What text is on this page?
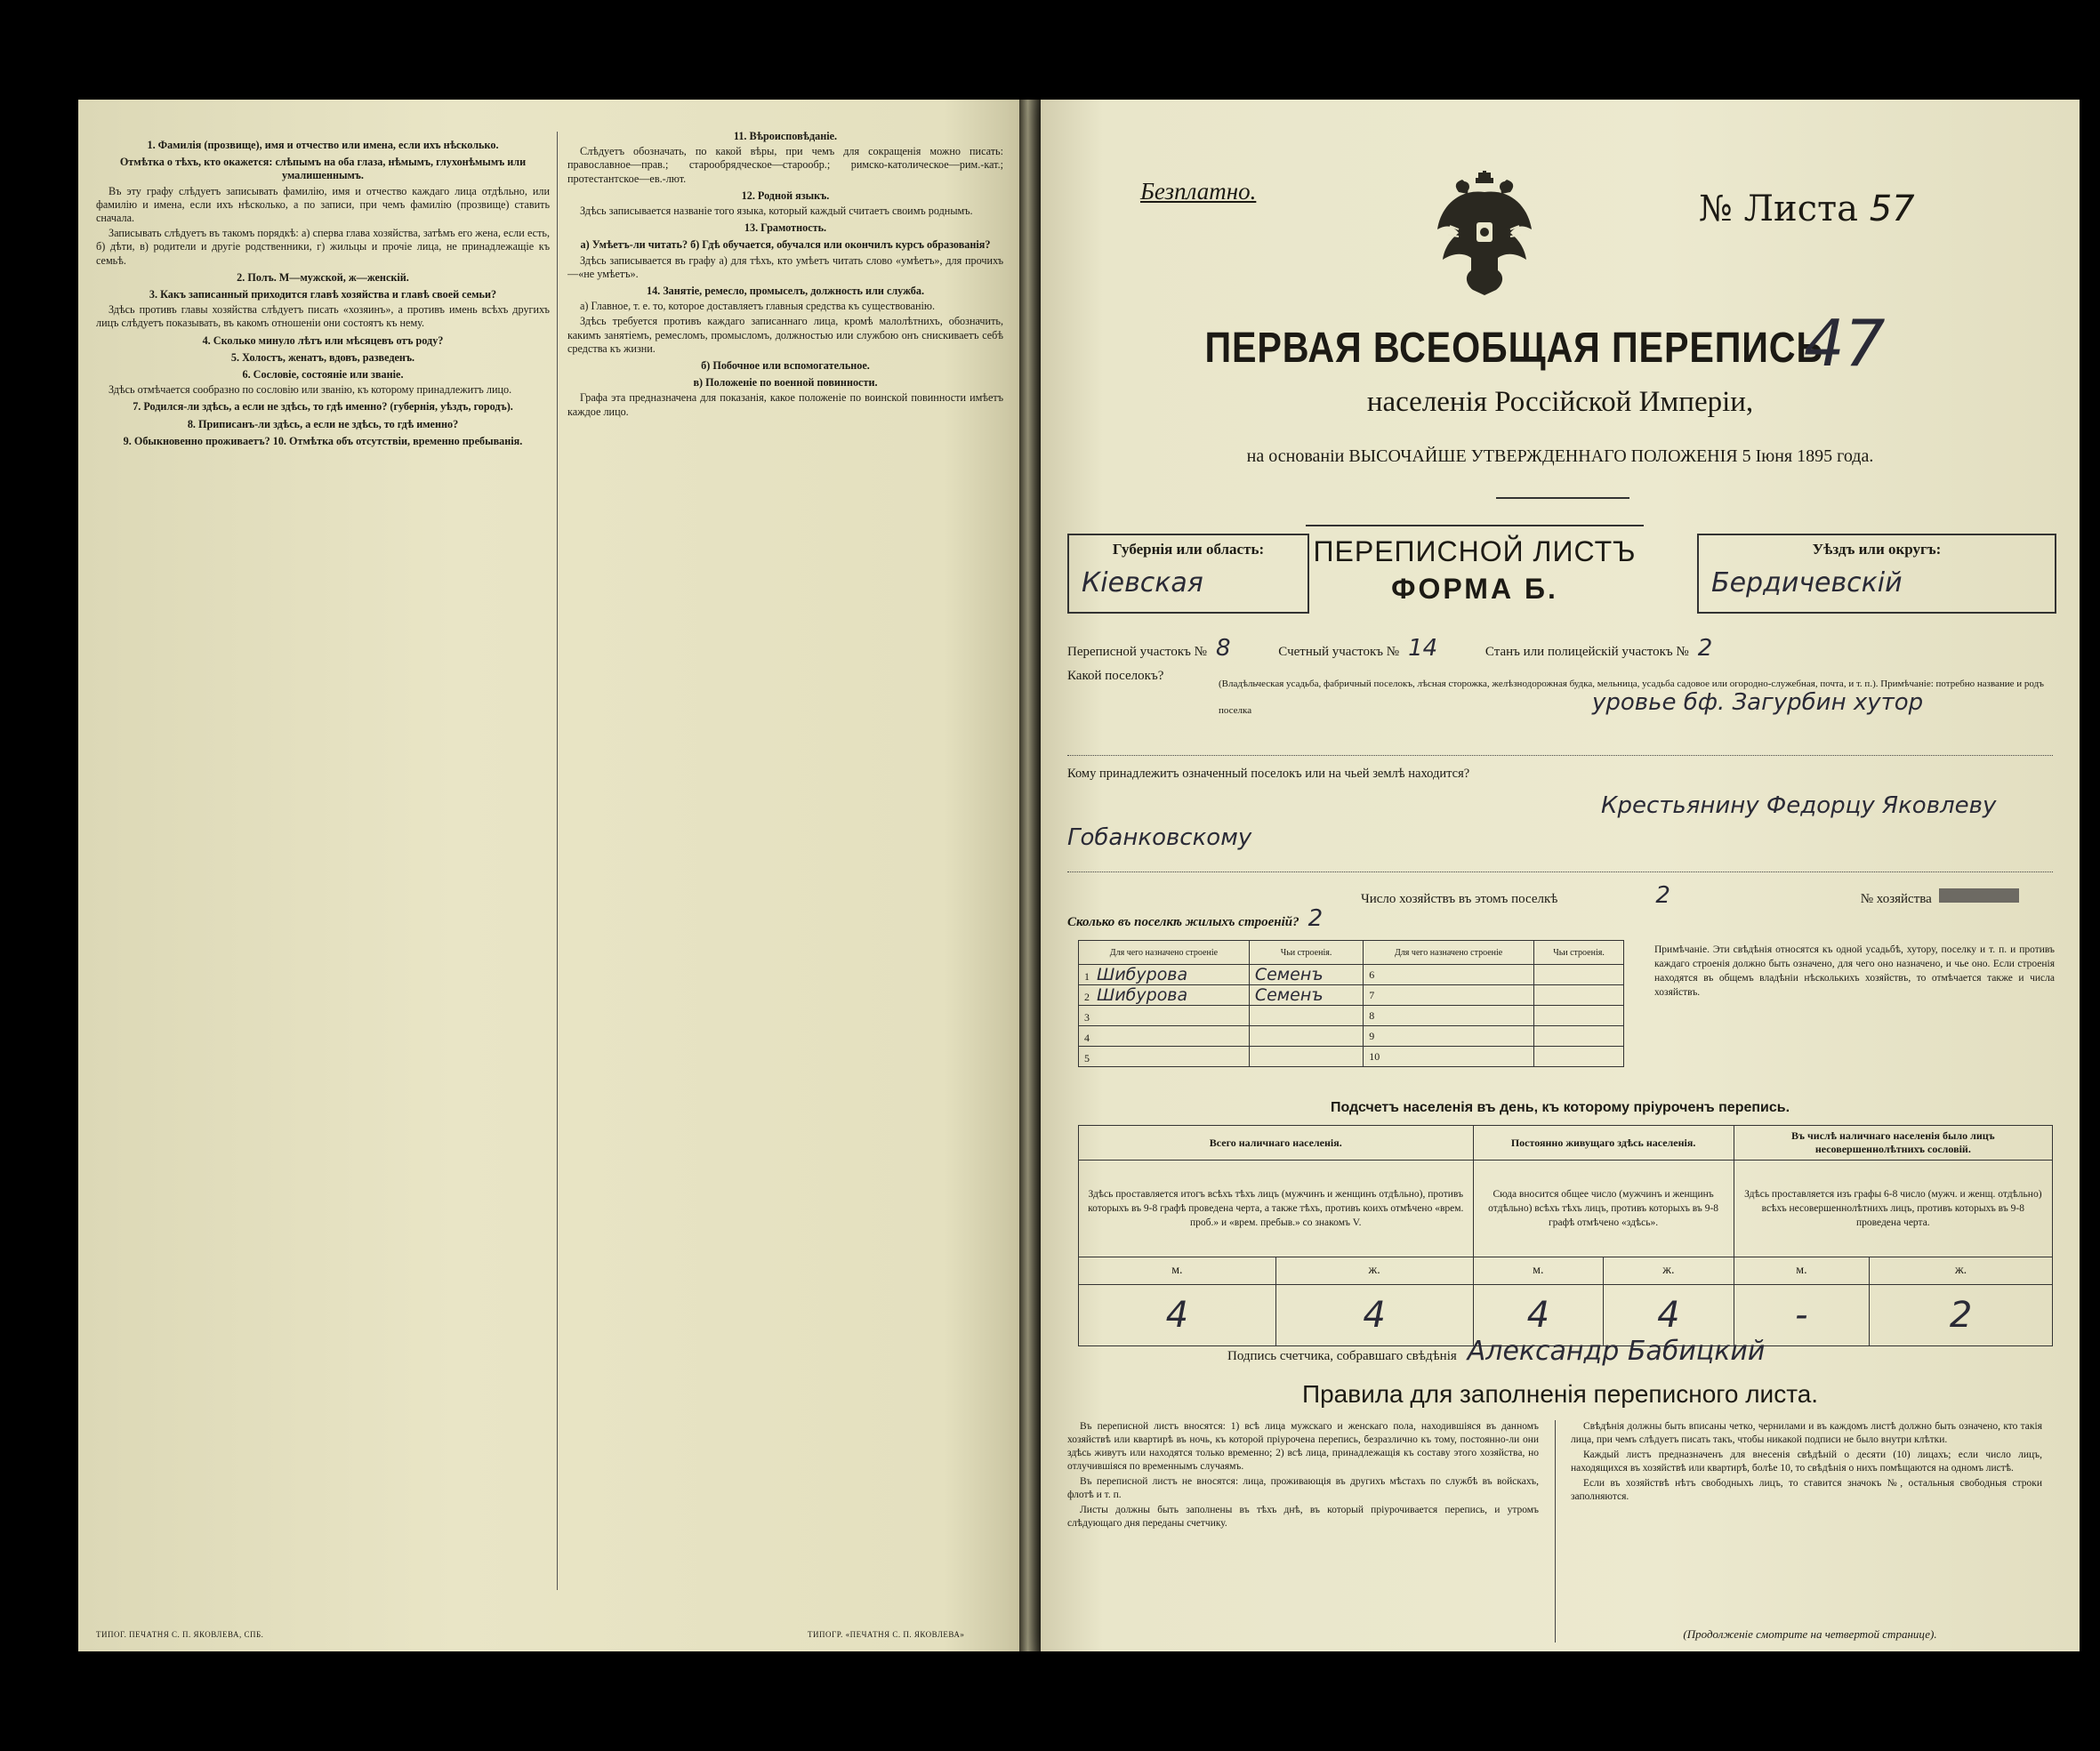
1. Фамилія (прозвище), имя и отчество или имена, если ихъ нѣсколько.

Отмѣтка о тѣхъ, кто окажется: слѣпымъ на оба глаза, нѣмымъ, глухонѣмымъ или умалишеннымъ.

Въ эту графу слѣдуетъ записывать фамилію, имя и отчество каждаго лица отдѣльно, или фамилію и имена, если ихъ нѣсколько, а по записи, при чемъ фамилію (прозвище) ставить сначала.

Записывать слѣдуетъ въ такомъ порядкѣ: а) сперва глава хозяйства, затѣмъ его жена, если есть, б) дѣти, в) родители и другіе родственники, г) жильцы и прочіе лица, не принадлежащіе къ семьѣ.

2. Полъ. М—мужской, ж—женскій.

3. Какъ записанный приходится главѣ хозяйства и главѣ своей семьи?

Здѣсь противъ главы хозяйства слѣдуетъ писать «хозяинъ», а противъ имень всѣхъ другихъ лицъ слѣдуетъ показывать, въ какомъ отношеніи они состоятъ къ нему.

4. Сколько минуло лѣтъ или мѣсяцевъ отъ роду?

5. Холостъ, женатъ, вдовъ, разведенъ.

6. Сословіе, состояніе или званіе.

Здѣсь отмѣчается сообразно по сословію или званію, къ которому принадлежитъ лицо.

7. Родился-ли здѣсь, а если не здѣсь, то гдѣ именно? (губернія, уѣздъ, городъ).

8. Приписанъ-ли здѣсь, а если не здѣсь, то гдѣ именно?

9. Обыкновенно проживаетъ? 10. Отмѣтка объ отсутствіи, временно пребыванія.

11. Вѣроисповѣданіе.

Слѣдуетъ обозначать, по какой вѣры, при чемъ для сокращенія можно писать: православное—прав.; старообрядческое—старообр.; римско-католическое—рим.-кат.; протестантское—ев.-лют.

12. Родной языкъ.

Здѣсь записывается названіе того языка, который каждый считаетъ своимъ роднымъ.

13. Грамотность.

а) Умѣетъ-ли читать? б) Гдѣ обучается, обучался или окончилъ курсъ образованія?

Здѣсь записывается въ графу а) для тѣхъ, кто умѣетъ читать слово «умѣетъ», для прочихъ—«не умѣетъ».

14. Занятіе, ремесло, промыселъ, должность или служба.

а) Главное, т. е. то, которое доставляетъ главныя средства къ существованію.

Здѣсь требуется противъ каждаго записаннаго лица, кромѣ малолѣтнихъ, обозначить, какимъ занятіемъ, ремесломъ, промысломъ, должностью или службою онъ снискиваетъ себѣ средства къ жизни.

б) Побочное или вспомогательное.

в) Положеніе по военной повинности.

Графа эта предназначена для показанія, какое положеніе по воинской повинности имѣетъ каждое лицо.

ТИПОГ. ПЕЧАТНЯ С. П. ЯКОВЛЕВА, СПБ.	ТИПОГР. «ПЕЧАТНЯ С. П. ЯКОВЛЕВА»
Безплатно.	№ Листа 57
ПЕРВАЯ ВСЕОБЩАЯ ПЕРЕПИСЬ
47
населенія Россійской Имперіи,
на основаніи ВЫСОЧАЙШЕ УТВЕРЖДЕННАГО ПОЛОЖЕНІЯ 5 Іюня 1895 года.
Губернія или область:
Кіевская
ПЕРЕПИСНОЙ ЛИСТЪ
ФОРМА Б.
Уѣздъ или округъ:
Бердичевскій
Переписной участокъ № 8	Счетный участокъ № 14	Станъ или полицейскій участокъ № 2
Какой поселокъ?
(Владѣльческая усадьба, фабричный поселокъ, лѣсная сторожка, желѣзнодорожная будка, мельница, усадьба садовое или огородно-служебная, почта, и т. п.). Примѣчаніе: потребно название и родъ поселка	уровье бф. Загурбин хутор
Кому принадлежитъ означенный поселокъ или на чьей землѣ находится?
Крестьянину Федорцу Яковлеву Гобанковскому
Число хозяйствъ въ этомъ поселкѣ	2	№ хозяйства
Сколько въ поселкѣ жилыхъ строеній? 2
Для чего назначено строеніе	Чьи строенія.	Для чего назначено строеніе	Чьи строенія.
1 Шибурова	Семенъ	6	
2 Шибурова	Семенъ	7	
3		8	
4		9	
5		10	
Примѣчаніе. Эти свѣдѣнія относятся къ одной усадьбѣ, хутору, поселку и т. п. и противъ каждаго строенія должно быть означено, для чего оно назначено, и чье оно. Если строенія находятся въ общемъ владѣніи нѣсколькихъ хозяйствъ, то отмѣчается также и числа хозяйствъ.
Подсчетъ населенія въ день, къ которому пріуроченъ перепись.
Всего наличнаго населенія.		Постоянно живущаго здѣсь населенія.		Въ числѣ наличнаго населенія было лицъ несовершеннолѣтнихъ сословій.	
Здѣсь проставляется итогъ всѣхъ тѣхъ лицъ (мужчинъ и женщинъ отдѣльно), противъ которыхъ въ 9-8 графѣ проведена черта, а также тѣхъ, противъ коихъ отмѣчено «врем. проб.» и «врем. пребыв.» со знакомъ V.		Сюда вносится общее число (мужчинъ и женщинъ отдѣльно) всѣхъ тѣхъ лицъ, противъ которыхъ въ 9-8 графѣ отмѣчено «здѣсь».		Здѣсь проставляется изъ графы 6-8 число (мужч. и женщ. отдѣльно) всѣхъ несовершеннолѣтнихъ лицъ, противъ которыхъ въ 9-8 проведена черта.	
м.	ж.	м.	ж.	м.	ж.
4	4	4	4	-	2
Подпись счетчика, собравшаго свѣдѣнія Александр Бабицкий
Правила для заполненія переписного листа.

Въ переписной листъ вносятся: 1) всѣ лица мужскаго и женскаго пола, находившіяся въ данномъ хозяйствѣ или квартирѣ въ ночь, къ которой пріурочена перепись, безразлично къ тому, постоянно-ли они здѣсь живутъ или находятся только временно; 2) всѣ лица, принадлежащія къ составу этого хозяйства, но отлучившіяся по временнымъ случаямъ.

Въ переписной листъ не вносятся: лица, проживающія въ другихъ мѣстахъ по службѣ въ войскахъ, флотѣ и т. п.

Листы должны быть заполнены въ тѣхъ днѣ, въ который пріурочивается перепись, и утромъ слѣдующаго дня переданы счетчику.

Свѣдѣнія должны быть вписаны четко, чернилами и въ каждомъ листѣ должно быть означено, кто такія лица, при чемъ слѣдуетъ писать такъ, чтобы никакой подписи не было внутри клѣтки.

Каждый листъ предназначенъ для внесенія свѣдѣній о десяти (10) лицахъ; если число лицъ, находящихся въ хозяйствѣ или квартирѣ, болѣе 10, то свѣдѣнія о нихъ помѣщаются на одномъ листѣ.

Если въ хозяйствѣ нѣтъ свободныхъ лицъ, то ставится значокъ №, остальныя свободныя строки заполняются.

(Продолженіе смотрите на четвертой странице).
